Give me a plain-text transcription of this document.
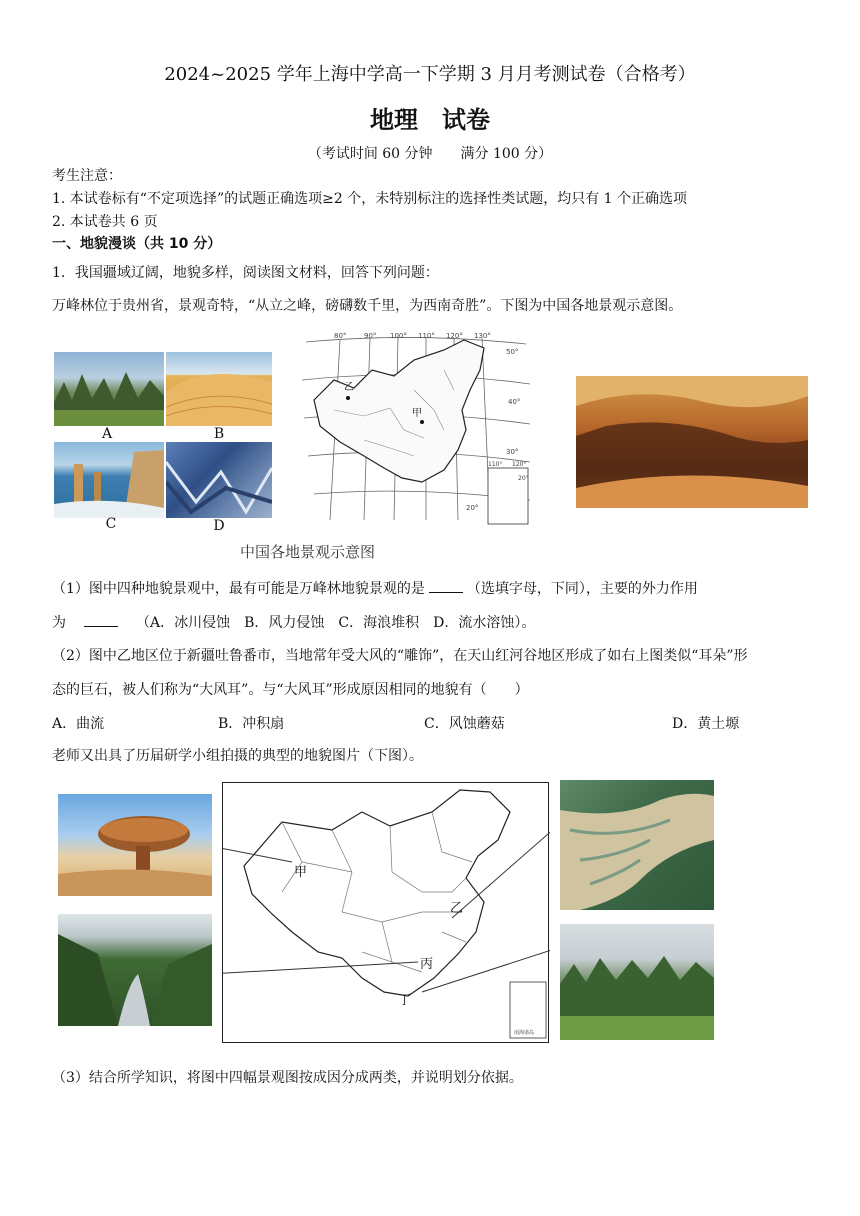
2024~2025 学年上海中学高一下学期 3 月月考测试卷（合格考）
地理　试卷
（考试时间 60 分钟　　满分 100 分）
考生注意：
1. 本试卷标有“不定项选择”的试题正确选项≥2 个，未特别标注的选择性类试题，均只有 1 个正确选项
2. 本试卷共 6 页
一、地貌漫谈（共 10 分）
1．我国疆域辽阔，地貌多样，阅读图文材料，回答下列问题：
万峰林位于贵州省，景观奇特，“从立之峰，磅礴数千里，为西南奇胜”。下图为中国各地景观示意图。
A	B
C	D
乙
甲
80°	90° 100° 110° 120° 130°
50°
40°
30°
20°
110° 120°
20°
中国各地景观示意图
（1）图中四种地貌景观中，最有可能是万峰林地貌景观的是	（选填字母，下同），主要的外力作用
为	（A．冰川侵蚀　B．风力侵蚀　C．海浪堆积　D．流水溶蚀）。
（2）图中乙地区位于新疆吐鲁番市，当地常年受大风的“雕饰”，在天山红河谷地区形成了如右上图类似“耳朵”形
态的巨石，被人们称为“大风耳”。与“大风耳”形成原因相同的地貌有（　　）
A．曲流	B．冲积扇	C．风蚀蘑菇	D．黄土塬
老师又出具了历届研学小组拍摄的典型的地貌图片（下图）。
甲
乙
丙
丁
南海诸岛
（3）结合所学知识，将图中四幅景观图按成因分成两类，并说明划分依据。
